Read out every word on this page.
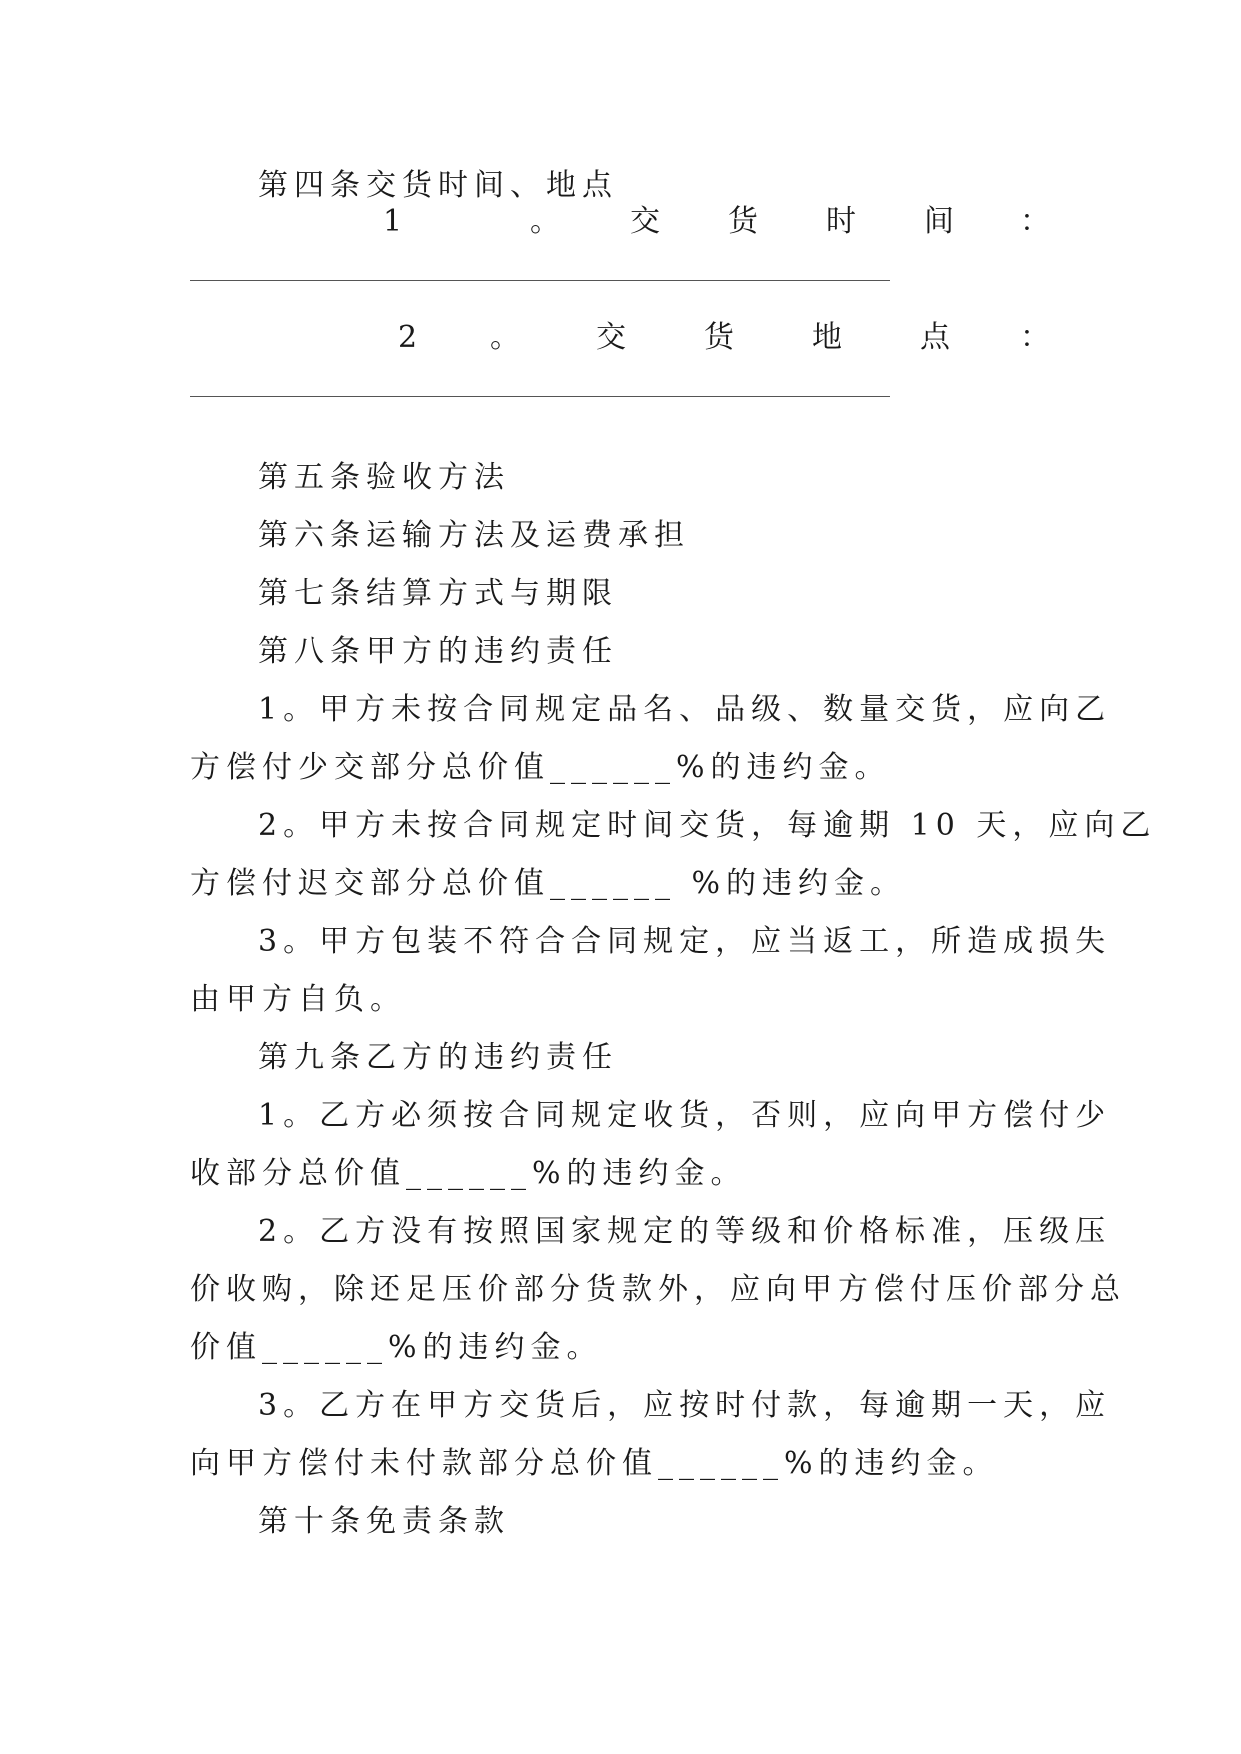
第四条交货时间、地点
1	。 交 货 时 间 ：
2 。	交	货	地	点 ：
第五条验收方法
第六条运输方法及运费承担
第七条结算方式与期限
第八条甲方的违约责任
1。甲方未按合同规定品名、品级、数量交货，应向乙
方偿付少交部分总价值______%的违约金。
2。甲方未按合同规定时间交货，每逾期 10 天，应向乙
方偿付迟交部分总价值______ %的违约金。
3。甲方包装不符合合同规定，应当返工，所造成损失
由甲方自负。
第九条乙方的违约责任
1。乙方必须按合同规定收货，否则，应向甲方偿付少
收部分总价值______%的违约金。
2。乙方没有按照国家规定的等级和价格标准，压级压
价收购，除还足压价部分货款外，应向甲方偿付压价部分总
价值______%的违约金。
3。乙方在甲方交货后，应按时付款，每逾期一天，应
向甲方偿付未付款部分总价值______%的违约金。
第十条免责条款
